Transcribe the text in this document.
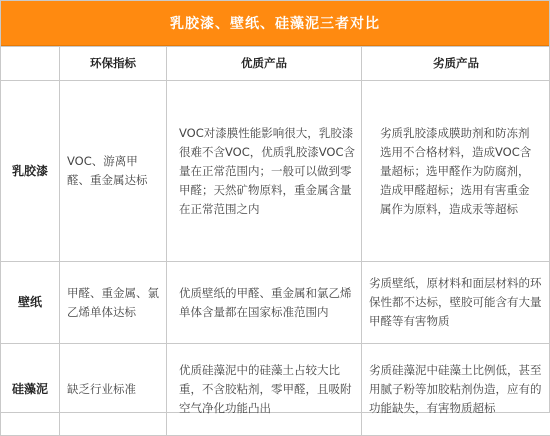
乳胶漆、壁纸、硅藻泥三者对比
	环保指标	优质产品	劣质产品
乳胶漆	VOC、游离甲醛、重金属达标	VOC对漆膜性能影响很大，乳胶漆很难不含VOC，优质乳胶漆VOC含量在正常范围内；一般可以做到零甲醛；天然矿物原料，重金属含量在正常范围之内	劣质乳胶漆成膜助剂和防冻剂选用不合格材料，造成VOC含量超标；选甲醛作为防腐剂，造成甲醛超标；选用有害重金属作为原料，造成汞等超标
壁纸	甲醛、重金属、氯乙烯单体达标	优质壁纸的甲醛、重金属和氯乙烯单体含量都在国家标准范围内	劣质壁纸，原材料和面层材料的环保性都不达标，壁胶可能含有大量甲醛等有害物质
硅藻泥	缺乏行业标准	优质硅藻泥中的硅藻土占较大比重，不含胶粘剂，零甲醛，且吸附空气净化功能凸出	劣质硅藻泥中硅藻土比例低，甚至用腻子粉等加胶粘剂伪造，应有的功能缺失，有害物质超标
